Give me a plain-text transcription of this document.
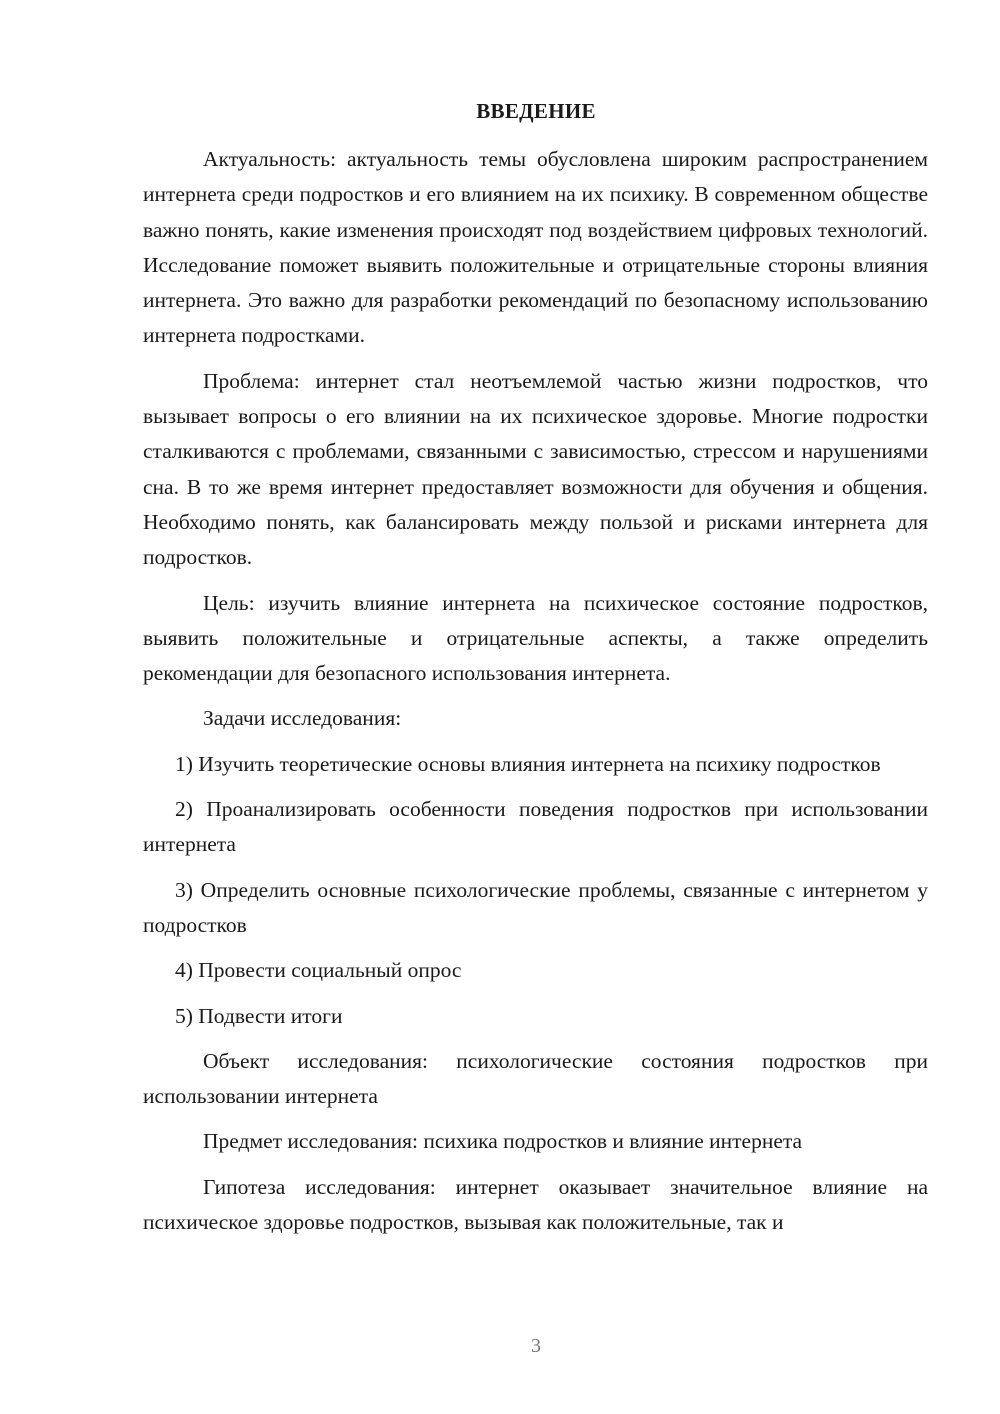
ВВЕДЕНИЕ

Актуальность: актуальность темы обусловлена широким распространением интернета среди подростков и его влиянием на их психику. В современном обществе важно понять, какие изменения происходят под воздействием цифровых технологий. Исследование поможет выявить положительные и отрицательные стороны влияния интернета. Это важно для разработки рекомендаций по безопасному использованию интернета подростками.

Проблема: интернет стал неотъемлемой частью жизни подростков, что вызывает вопросы о его влиянии на их психическое здоровье. Многие подростки сталкиваются с проблемами, связанными с зависимостью, стрессом и нарушениями сна. В то же время интернет предоставляет возможности для обучения и общения. Необходимо понять, как балансировать между пользой и рисками интернета для подростков.

Цель: изучить влияние интернета на психическое состояние подростков, выявить положительные и отрицательные аспекты, а также определить рекомендации для безопасного использования интернета.

Задачи исследования:

1) Изучить теоретические основы влияния интернета на психику подростков

2) Проанализировать особенности поведения подростков при использовании интернета

3) Определить основные психологические проблемы, связанные с интернетом у подростков

4) Провести социальный опрос

5) Подвести итоги

Объект исследования: психологические состояния подростков при использовании интернета

Предмет исследования: психика подростков и влияние интернета

Гипотеза исследования: интернет оказывает значительное влияние на психическое здоровье подростков, вызывая как положительные, так и

3
